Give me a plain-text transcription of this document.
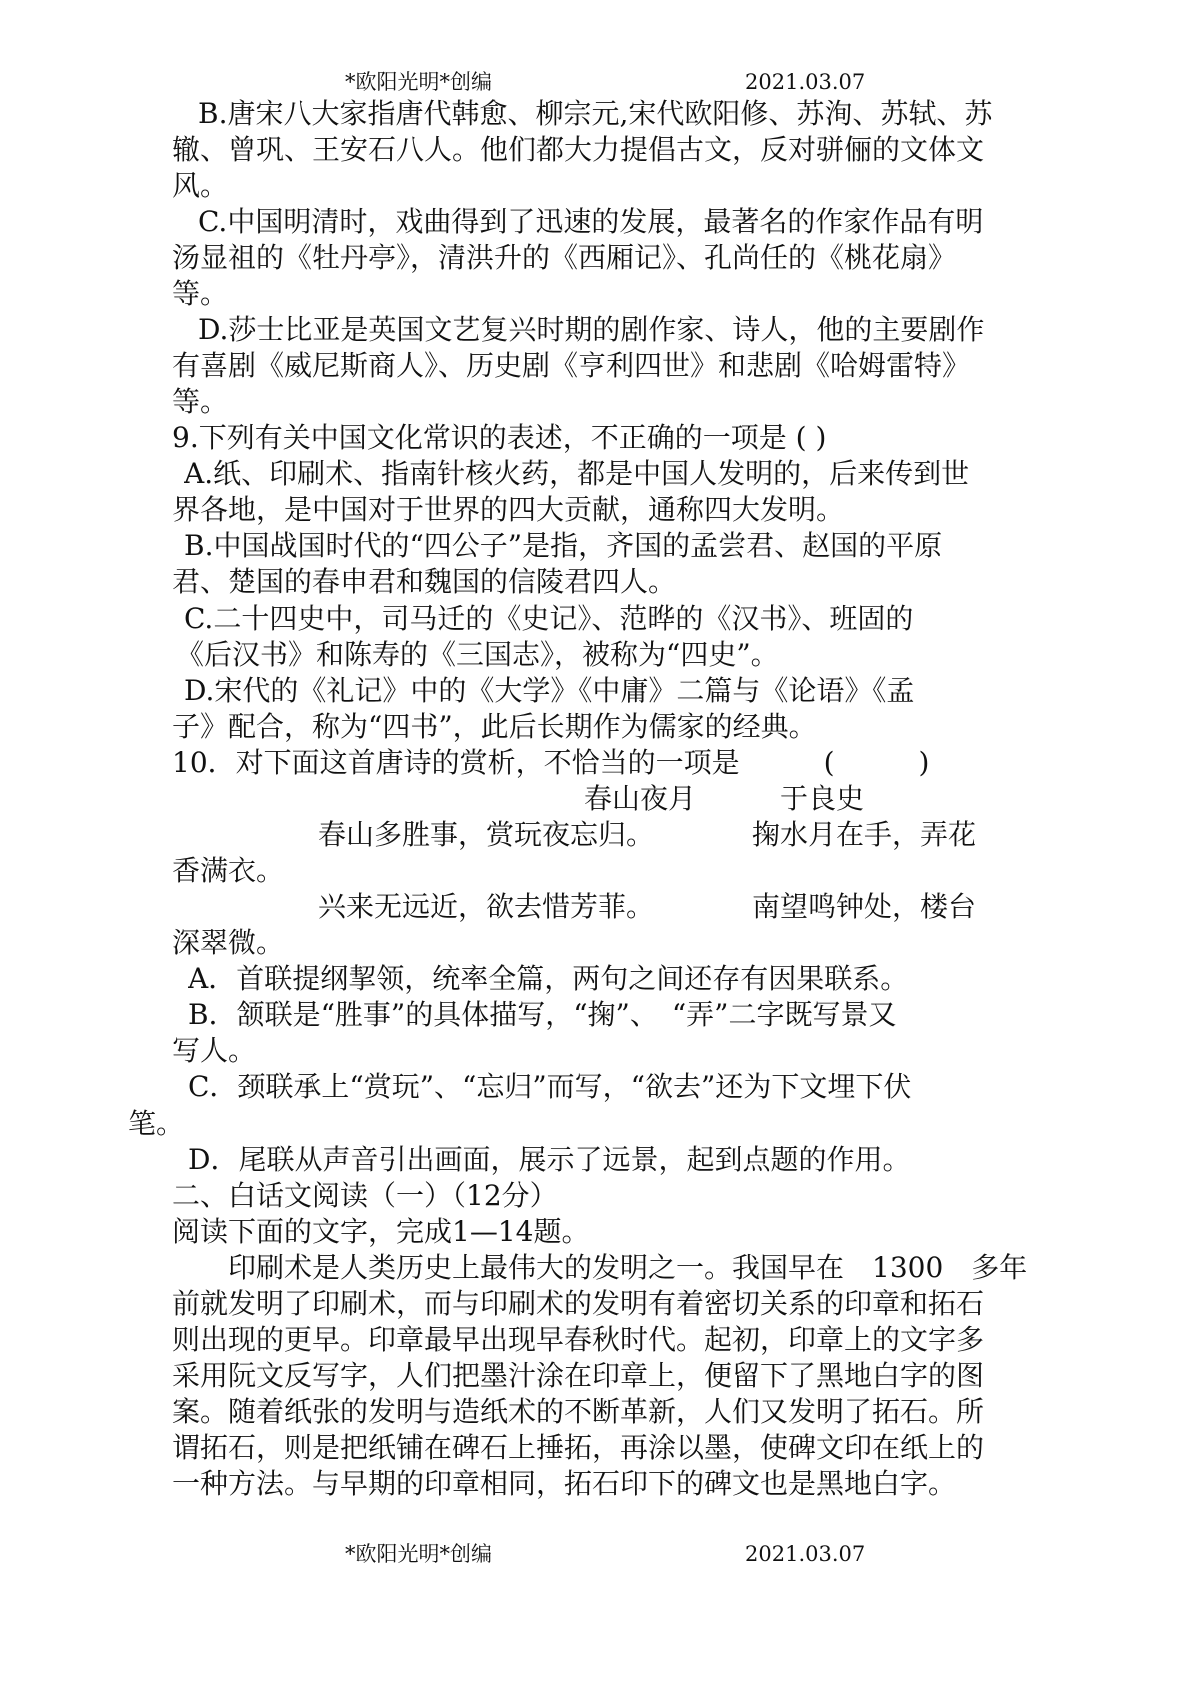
*欧阳光明*创编	2021.03.07
B.唐宋八大家指唐代韩愈、柳宗元,宋代欧阳修、苏洵、苏轼、苏
辙、曾巩、王安石八人。他们都大力提倡古文，反对骈俪的文体文
风。
C.中国明清时，戏曲得到了迅速的发展，最著名的作家作品有明
汤显祖的《牡丹亭》，清洪升的《西厢记》、孔尚任的《桃花扇》
等。
D.莎士比亚是英国文艺复兴时期的剧作家、诗人，他的主要剧作
有喜剧《威尼斯商人》、历史剧《亨利四世》和悲剧《哈姆雷特》
等。
9.下列有关中国文化常识的表述，不正确的一项是 ( )
A.纸、印刷术、指南针核火药，都是中国人发明的，后来传到世
界各地，是中国对于世界的四大贡献，通称四大发明。
B.中国战国时代的“四公子”是指，齐国的孟尝君、赵国的平原
君、楚国的春申君和魏国的信陵君四人。
C.二十四史中，司马迁的《史记》、范晔的《汉书》、班固的
《后汉书》和陈寿的《三国志》，被称为“四史”。
D.宋代的《礼记》中的《大学》《中庸》二篇与《论语》《孟
子》配合，称为“四书”，此后长期作为儒家的经典。
10．对下面这首唐诗的赏析，不恰当的一项是　　　(　　　)
春山夜月　　　于良史
春山多胜事，赏玩夜忘归。　　　　掬水月在手，弄花
香满衣。
兴来无远近，欲去惜芳菲。　　　　南望鸣钟处，楼台
深翠微。
A．首联提纲挈领，统率全篇，两句之间还存有因果联系。
B．颔联是“胜事”的具体描写，“掬”、　“弄”二字既写景又
写人。
C．颈联承上“赏玩”、“忘归”而写，“欲去”还为下文埋下伏
笔。
D．尾联从声音引出画面，展示了远景，起到点题的作用。
二、白话文阅读（一）（12分）
阅读下面的文字，完成1—14题。
印刷术是人类历史上最伟大的发明之一。我国早在　1300　多年
前就发明了印刷术，而与印刷术的发明有着密切关系的印章和拓石
则出现的更早。印章最早出现早春秋时代。起初，印章上的文字多
采用阮文反写字，人们把墨汁涂在印章上，便留下了黑地白字的图
案。随着纸张的发明与造纸术的不断革新，人们又发明了拓石。所
谓拓石，则是把纸铺在碑石上捶拓，再涂以墨，使碑文印在纸上的
一种方法。与早期的印章相同，拓石印下的碑文也是黑地白字。
*欧阳光明*创编	2021.03.07
